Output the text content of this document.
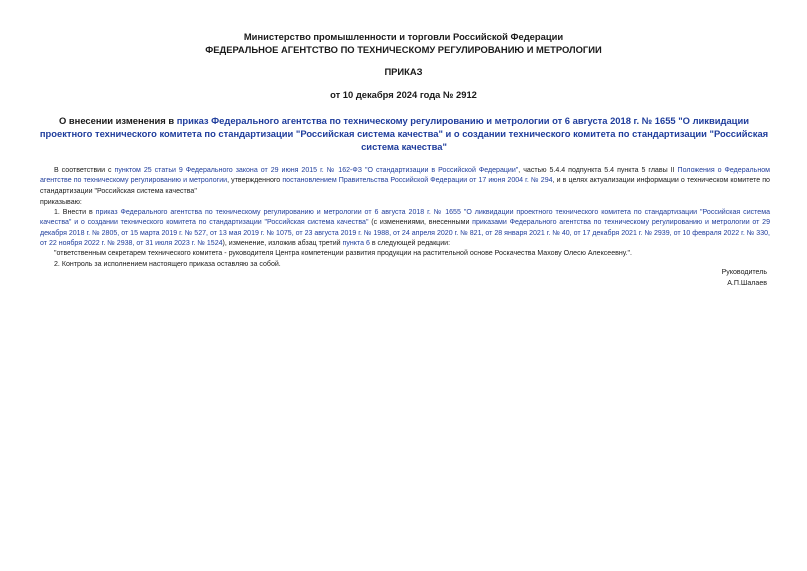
Министерство промышленности и торговли Российской Федерации
ФЕДЕРАЛЬНОЕ АГЕНТСТВО ПО ТЕХНИЧЕСКОМУ РЕГУЛИРОВАНИЮ И МЕТРОЛОГИИ
ПРИКАЗ
от 10 декабря 2024 года № 2912
О внесении изменения в приказ Федерального агентства по техническому регулированию и метрологии от 6 августа 2018 г. № 1655 "О ликвидации проектного технического комитета по стандартизации "Российская система качества" и о создании технического комитета по стандартизации "Российская система качества"
В соответствии с пунктом 25 статьи 9 Федерального закона от 29 июня 2015 г. № 162-ФЗ "О стандартизации в Российской Федерации", частью 5.4.4 подпункта 5.4 пункта 5 главы II Положения о Федеральном агентстве по техническому регулированию и метрологии, утвержденного постановлением Правительства Российской Федерации от 17 июня 2004 г. № 294, и в целях актуализации информации о техническом комитете по стандартизации "Российская система качества"
приказываю:
1. Внести в приказ Федерального агентства по техническому регулированию и метрологии от 6 августа 2018 г. № 1655 "О ликвидации проектного технического комитета по стандартизации "Российская система качества" и о создании технического комитета по стандартизации "Российская система качества" (с изменениями, внесенными приказами Федерального агентства по техническому регулированию и метрологии от 29 декабря 2018 г. № 2805, от 15 марта 2019 г. № 527, от 13 мая 2019 г. № 1075, от 23 августа 2019 г. № 1988, от 24 апреля 2020 г. № 821, от 28 января 2021 г. № 40, от 17 декабря 2021 г. № 2939, от 10 февраля 2022 г. № 330, от 22 ноября 2022 г. № 2938, от 31 июля 2023 г. № 1524), изменение, изложив абзац третий пункта 6 в следующей редакции:
"ответственным секретарем технического комитета - руководителя Центра компетенции развития продукции на растительной основе Роскачества Махову Олесю Алексеевну.".
2. Контроль за исполнением настоящего приказа оставляю за собой.
Руководитель
А.П.Шалаев
